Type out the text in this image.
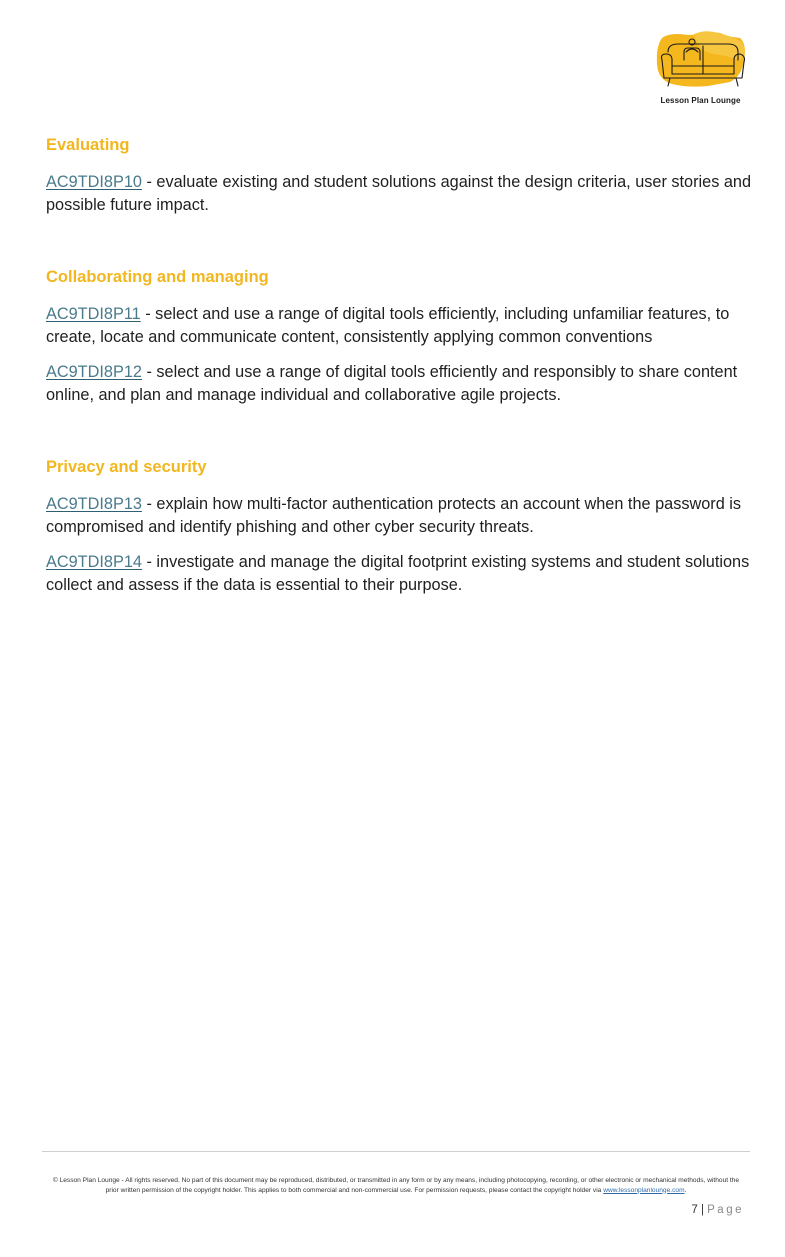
Lesson Plan Lounge
Evaluating

AC9TDI8P10 - evaluate existing and student solutions against the design criteria, user stories and possible future impact.

Collaborating and managing

AC9TDI8P11 - select and use a range of digital tools efficiently, including unfamiliar features, to create, locate and communicate content, consistently applying common conventions

AC9TDI8P12 - select and use a range of digital tools efficiently and responsibly to share content online, and plan and manage individual and collaborative agile projects.

Privacy and security

AC9TDI8P13 - explain how multi-factor authentication protects an account when the password is compromised and identify phishing and other cyber security threats.

AC9TDI8P14 - investigate and manage the digital footprint existing systems and student solutions collect and assess if the data is essential to their purpose.

© Lesson Plan Lounge - All rights reserved. No part of this document may be reproduced, distributed, or transmitted in any form or by any means, including photocopying, recording, or other electronic or mechanical methods, without the prior written permission of the copyright holder. This applies to both commercial and non-commercial use. For permission requests, please contact the copyright holder via www.lessonplanlounge.com.
7 | Page
